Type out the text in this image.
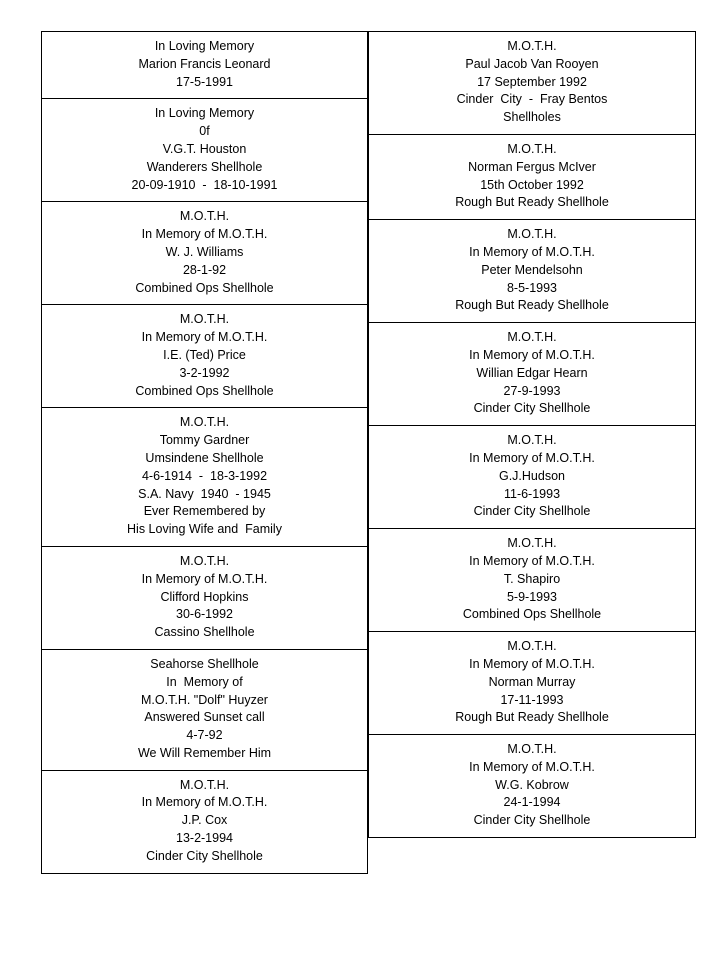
In Loving Memory
Marion Francis Leonard
17-5-1991
In Loving Memory
0f
V.G.T. Houston
Wanderers Shellhole
20-09-1910  -  18-10-1991
M.O.T.H.
In Memory of M.O.T.H.
W. J. Williams
28-1-92
Combined Ops Shellhole
M.O.T.H.
In Memory of M.O.T.H.
I.E. (Ted) Price
3-2-1992
Combined Ops Shellhole
M.O.T.H.
Tommy Gardner
Umsindene Shellhole
4-6-1914  -  18-3-1992
S.A. Navy  1940  - 1945
Ever Remembered by
His Loving Wife and  Family
M.O.T.H.
In Memory of M.O.T.H.
Clifford Hopkins
30-6-1992
Cassino Shellhole
Seahorse Shellhole
In  Memory of
M.O.T.H. "Dolf" Huyzer
Answered Sunset call
4-7-92
We Will Remember Him
M.O.T.H.
In Memory of M.O.T.H.
J.P. Cox
13-2-1994
Cinder City Shellhole
M.O.T.H.
Paul Jacob Van Rooyen
17 September 1992
Cinder  City  -  Fray Bentos
Shellholes
M.O.T.H.
Norman Fergus McIver
15th October 1992
Rough But Ready Shellhole
M.O.T.H.
In Memory of M.O.T.H.
Peter Mendelsohn
8-5-1993
Rough But Ready Shellhole
M.O.T.H.
In Memory of M.O.T.H.
Willian Edgar Hearn
27-9-1993
Cinder City Shellhole
M.O.T.H.
In Memory of M.O.T.H.
G.J.Hudson
11-6-1993
Cinder City Shellhole
M.O.T.H.
In Memory of M.O.T.H.
T. Shapiro
5-9-1993
Combined Ops Shellhole
M.O.T.H.
In Memory of M.O.T.H.
Norman Murray
17-11-1993
Rough But Ready Shellhole
M.O.T.H.
In Memory of M.O.T.H.
W.G. Kobrow
24-1-1994
Cinder City Shellhole
